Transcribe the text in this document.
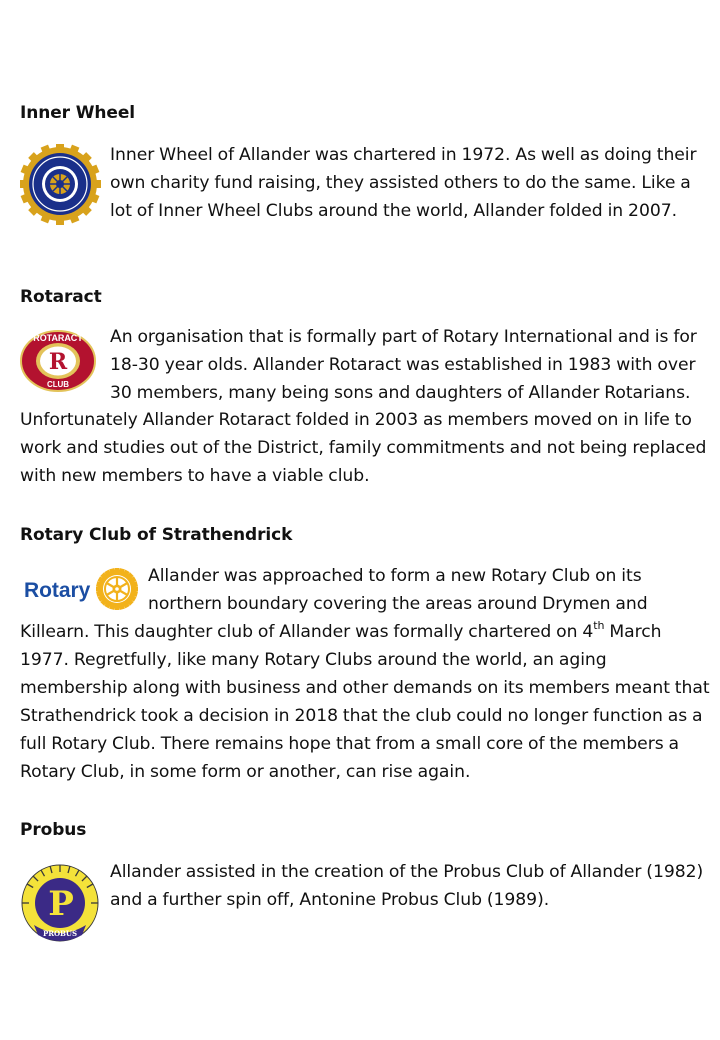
Inner Wheel

Inner Wheel of Allander was chartered in 1972. As well as doing their own charity fund raising, they assisted others to do the same. Like a lot of Inner Wheel Clubs around the world, Allander folded in 2007.

Rotaract

R
ROTARACT
CLUB
An organisation that is formally part of Rotary International and is for 18-30 year olds. Allander Rotaract was established in 1983 with over 30 members, many being sons and daughters of Allander Rotarians. Unfortunately Allander Rotaract folded in 2003 as members moved on in life to work and studies out of the District, family commitments and not being replaced with new members to have a viable club.

Rotary Club of Strathendrick

Rotary
Allander was approached to form a new Rotary Club on its northern boundary covering the areas around Drymen and Killearn. This daughter club of Allander was formally chartered on 4th March 1977. Regretfully, like many Rotary Clubs around the world, an aging membership along with business and other demands on its members meant that Strathendrick took a decision in 2018 that the club could no longer function as a full Rotary Club. There remains hope that from a small core of the members a Rotary Club, in some form or another, can rise again.

Probus

P
PROBUS
Allander assisted in the creation of the Probus Club of Allander (1982) and a further spin off, Antonine Probus Club (1989).
